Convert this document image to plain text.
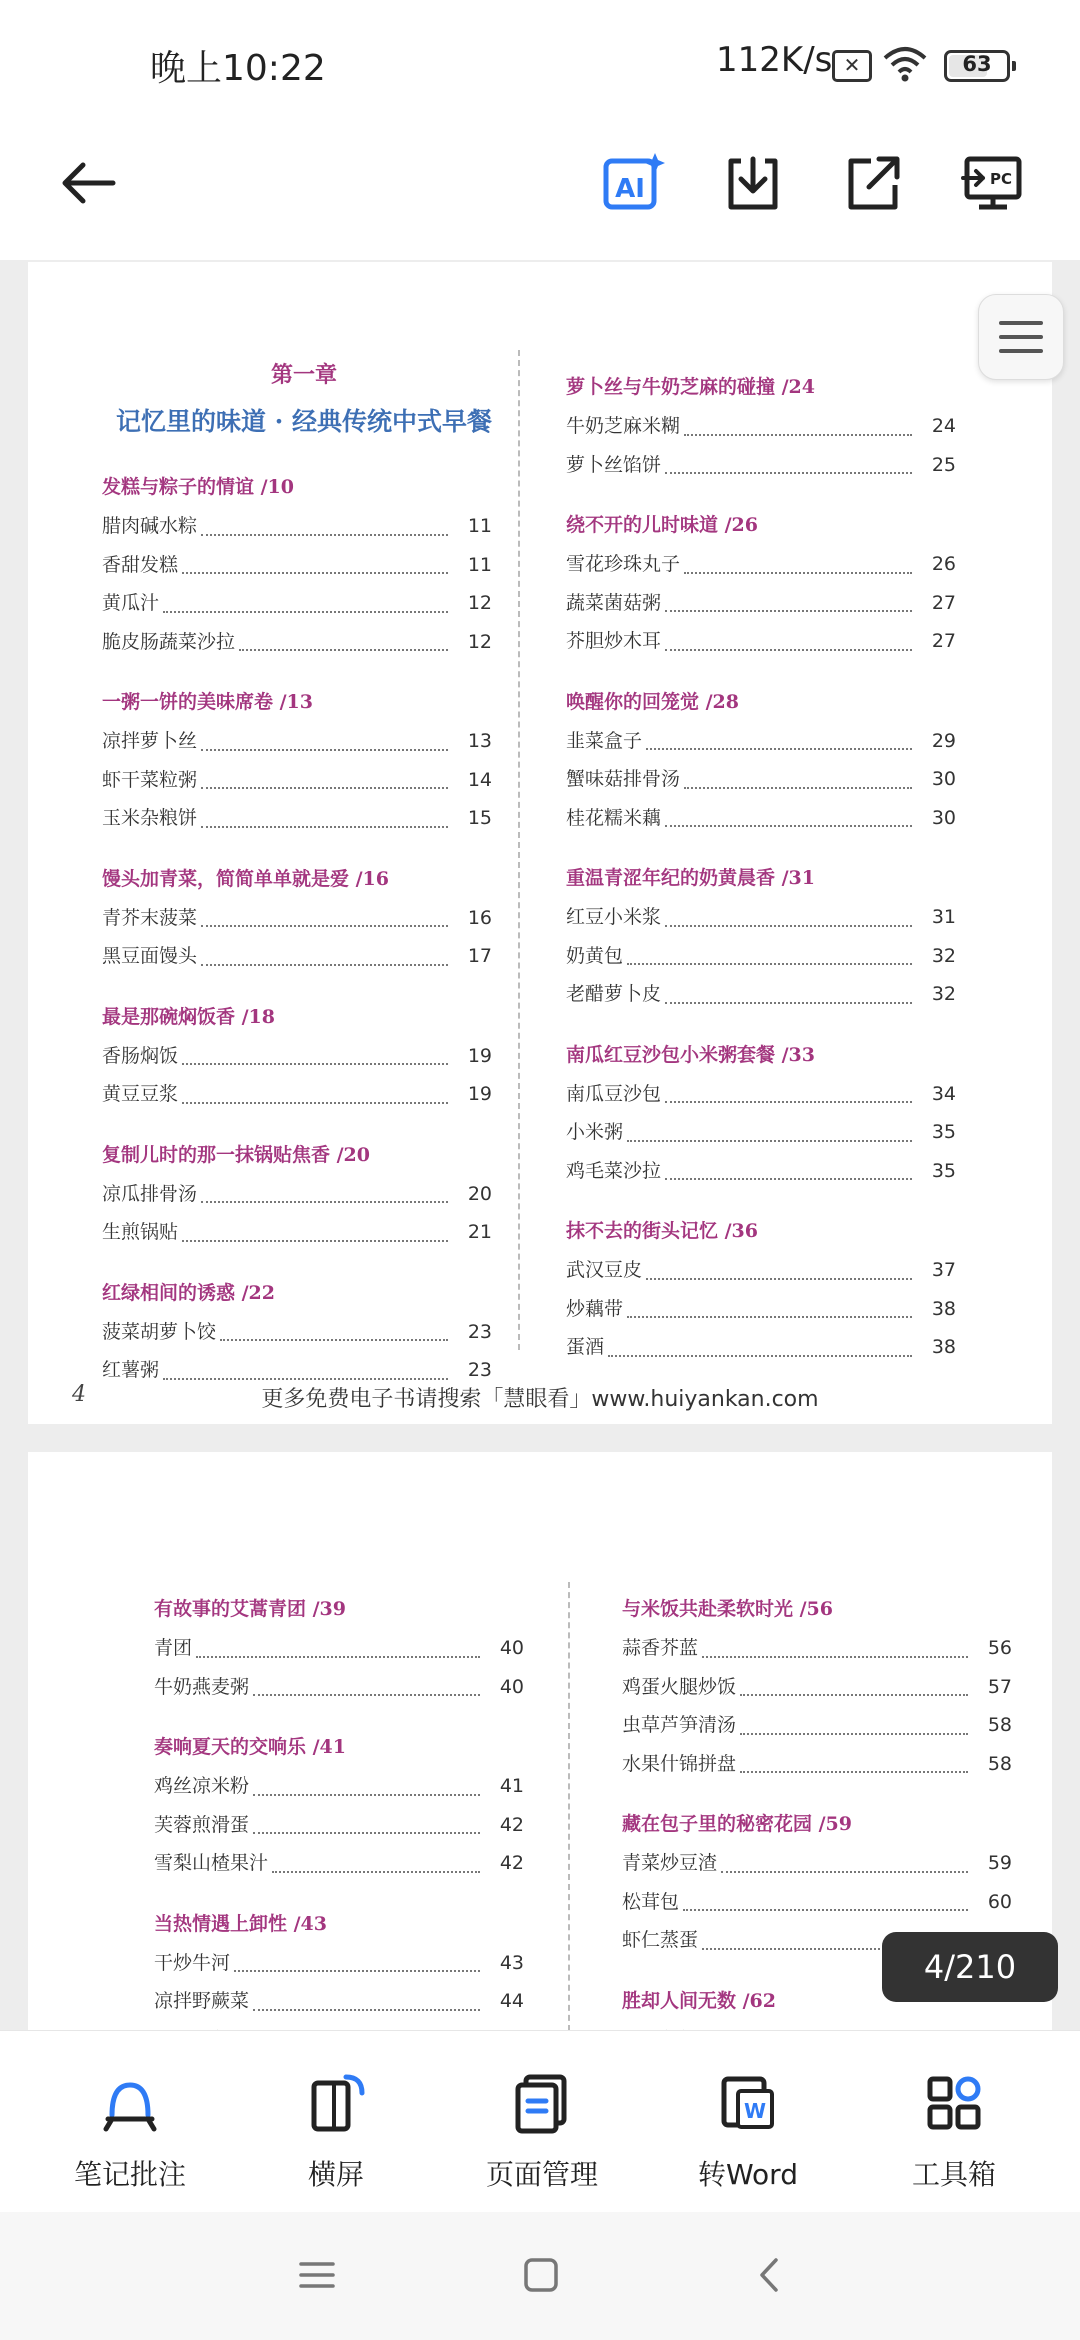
晚上10:22	112K/s ✕	63
AI	PC
第一章
记忆里的味道 · 经典传统中式早餐
发糕与粽子的情谊 /10
腊肉碱水粽	11
香甜发糕	11
黄瓜汁	12
脆皮肠蔬菜沙拉	12
一粥一饼的美味席卷 /13
凉拌萝卜丝	13
虾干菜粒粥	14
玉米杂粮饼	15
馒头加青菜，简简单单就是爱 /16
青芥末菠菜	16
黑豆面馒头	17
最是那碗焖饭香 /18
香肠焖饭	19
黄豆豆浆	19
复制儿时的那一抹锅贴焦香 /20
凉瓜排骨汤	20
生煎锅贴	21
红绿相间的诱惑 /22
菠菜胡萝卜饺	23
红薯粥	23
萝卜丝与牛奶芝麻的碰撞 /24
牛奶芝麻米糊	24
萝卜丝馅饼	25
绕不开的儿时味道 /26
雪花珍珠丸子	26
蔬菜菌菇粥	27
芥胆炒木耳	27
唤醒你的回笼觉 /28
韭菜盒子	29
蟹味菇排骨汤	30
桂花糯米藕	30
重温青涩年纪的奶黄晨香 /31
红豆小米浆	31
奶黄包	32
老醋萝卜皮	32
南瓜红豆沙包小米粥套餐 /33
南瓜豆沙包	34
小米粥	35
鸡毛菜沙拉	35
抹不去的街头记忆 /36
武汉豆皮	37
炒藕带	38
蛋酒	38
4	更多免费电子书请搜索「慧眼看」www.huiyankan.com
有故事的艾蒿青团 /39
青团	40
牛奶燕麦粥	40
奏响夏天的交响乐 /41
鸡丝凉米粉	41
芙蓉煎滑蛋	42
雪梨山楂果汁	42
当热情遇上卸性 /43
干炒牛河	43
凉拌野蕨菜	44
与米饭共赴柔软时光 /56
蒜香芥蓝	56
鸡蛋火腿炒饭	57
虫草芦笋清汤	58
水果什锦拼盘	58
藏在包子里的秘密花园 /59
青菜炒豆渣	59
松茸包	60
虾仁蒸蛋
胜却人间无数 /62
4/210
笔记批注	横屏	页面管理
W
转Word	工具箱
